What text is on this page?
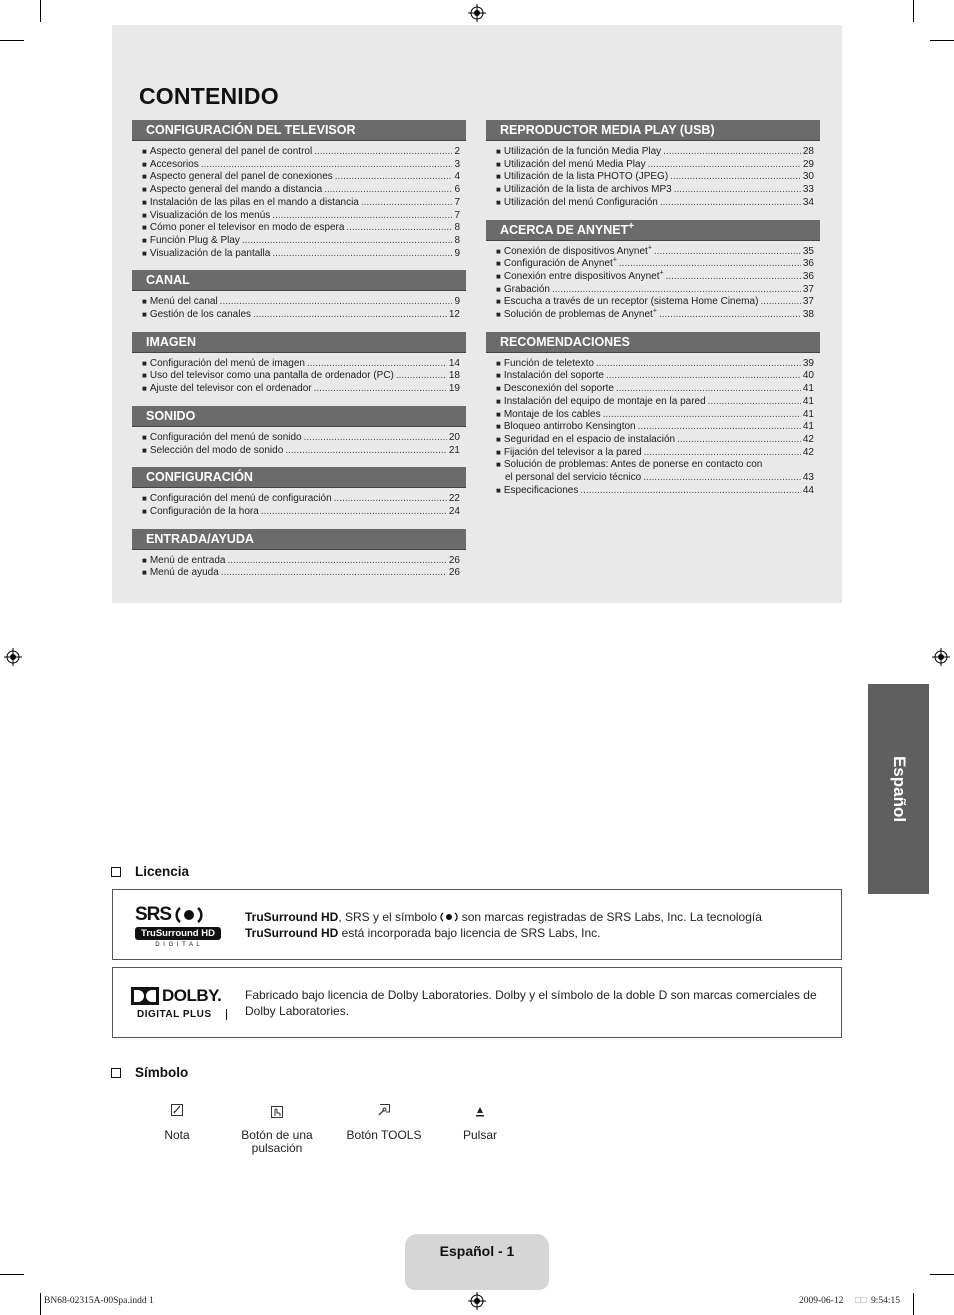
CONTENIDO
CONFIGURACIÓN DEL TELEVISOR
■ Aspecto general del panel de control .....	2
■ Accesorios .....	3
■ Aspecto general del panel de conexiones .....	4
■ Aspecto general del mando a distancia .....	6
■ Instalación de las pilas en el mando a distancia .....	7
■ Visualización de los menús .....	7
■ Cómo poner el televisor en modo de espera .....	8
■ Función Plug & Play .....	8
■ Visualización de la pantalla .....	9
CANAL
■ Menú del canal .....	9
■ Gestión de los canales .....	12
IMAGEN
■ Configuración del menú de imagen .....	14
■ Uso del televisor como una pantalla de ordenador (PC) .....	18
■ Ajuste del televisor con el ordenador .....	19
SONIDO
■ Configuración del menú de sonido .....	20
■ Selección del modo de sonido .....	21
CONFIGURACIÓN
■ Configuración del menú de configuración .....	22
■ Configuración de la hora .....	24
ENTRADA/AYUDA
■ Menú de entrada .....	26
■ Menú de ayuda .....	26
REPRODUCTOR MEDIA PLAY (USB)
■ Utilización de la función Media Play .....	28
■ Utilización del menú Media Play .....	29
■ Utilización de la lista PHOTO (JPEG) .....	30
■ Utilización de la lista de archivos MP3 .....	33
■ Utilización del menú Configuración .....	34
ACERCA DE ANYNET+
■ Conexión de dispositivos Anynet+ .....	35
■ Configuración de Anynet+ .....	36
■ Conexión entre dispositivos Anynet+ .....	36
■ Grabación .....	37
■ Escucha a través de un receptor (sistema Home Cinema) .....	37
■ Solución de problemas de Anynet+ .....	38
RECOMENDACIONES
■ Función de teletexto .....	39
■ Instalación del soporte .....	40
■ Desconexión del soporte .....	41
■ Instalación del equipo de montaje en la pared .....	41
■ Montaje de los cables .....	41
■ Bloqueo antirrobo Kensington .....	41
■ Seguridad en el espacio de instalación .....	42
■ Fijación del televisor a la pared .....	42
■ Solución de problemas: Antes de ponerse en contacto con
el personal del servicio técnico .....	43
■ Especificaciones .....	44
Español
Licencia
SRS
TruSurround HD
D I G I T A L
TruSurround HD, SRS y el símbolo son marcas registradas de SRS Labs, Inc. La tecnología
TruSurround HD está incorporada bajo licencia de SRS Labs, Inc.
DOLBY.
DIGITAL PLUS
Fabricado bajo licencia de Dolby Laboratories. Dolby y el símbolo de la doble D son marcas comerciales de Dolby Laboratories.
Símbolo
Nota	Botón de una pulsación
Botón TOOLS	Pulsar
Español - 1
BN68-02315A-00Spa.indd 1	2009-06-12 □□ 9:54:15
